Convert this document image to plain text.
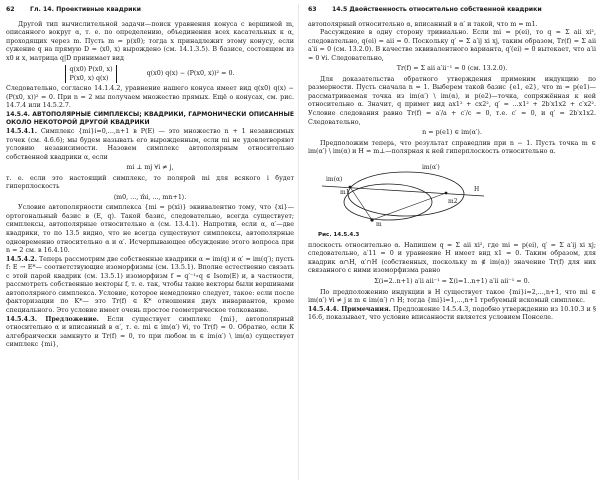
62	Гл. 14. Проективные квадрики

Другой тип вычислительной задачи—поиск уравнения конуса с вершиной m, описанного вокруг α, т. е. по определению, объединения всех касательных к α, проходящих через m. Пусть m = p(x0); тогда x принадлежит этому конусу, если сужение q на прямую D = ⟨x0, x⟩ вырождено (см. 14.1.3.5). В базисе, состоящем из x0 и x, матрица q|D принимает вид

q(x0) P(x0, x)
P(x0, x) q(x)
q(x0) q(x) − (P(x0, x))² = 0.

Следовательно, согласно 14.1.4.2, уравнение нашего конуса имеет вид q(x0) q(x) − (P(x0, x))² = 0. При n = 2 мы получаем множество прямых. Ещё о конусах, см. рис. 14.7.4 или 14.5.2.7.

14.5.4. АВТОПОЛЯРНЫЕ СИМПЛЕКСЫ; КВАДРИКИ, ГАРМОНИЧЕСКИ ОПИСАННЫЕ ОКОЛО НЕКОТОРОЙ ДРУГОЙ КВАДРИКИ

14.5.4.1. Симплекс {mi}i=0,...,n+1 в P(E) — это множество n + 1 независимых точек (см. 4.6.6); мы будем называть его вырожденным, если mi не удовлетворяют условию независимости. Назовем симплекс автополярным относительно собственной квадрики α, если

mi ⊥ mj ∀i ≠ j,

т. е. если это настоящий симплекс, то полярой mi для всякого i будет гиперплоскость

⟨m0, ..., m̂i, ..., mn+1⟩.

Условие автополярности симплекса {mi = p(xi)} эквивалентно тому, что {xi}—ортогональный базис в (E, q). Такой базис, следовательно, всегда существует; симплексы, автополярные относительно α (см. 13.4.1). Напротив, если α, α′—две квадрики, то по 13.5 видно, что не всегда существуют симплексы, автополярные одновременно относительно α и α′. Исчерпывающее обсуждение этого вопроса при n = 2 см. в 16.4.10.

14.5.4.2. Теперь рассмотрим две собственные квадрики α = im(q) и α′ = im(q′); пусть f: E → E*— соответствующие изоморфизмы (см. 13.5.1). Вполне естественно связать с этой парой квадрик (см. 13.5.1) изоморфизм f = q′⁻¹∘q ∈ Isom(E) и, в частности, рассмотреть собственные векторы f, т. е. так, чтобы такие векторы были вершинами автополярного симплекса. Условие, которое немедленно следует, такое: если после факторизации по K*— это Tr(f) ∈ K* отношения двух инвариантов, кроме специального. Это условие имеет очень простое геометрическое толкование.

14.5.4.3. Предложение. Если существует симплекс {mi}, автополярный относительно α и вписанный в α′, т. е. mi ∈ im(α′) ∀i, то Tr(f) = 0. Обратно, если K алгебраически замкнуто и Tr(f) = 0, то при любом m ∈ im(α′) \ im(α) существует симплекс {mi},

63	14.5 Двойственность относительно собственной квадрики

автополярный относительно α, вписанный в α′ и такой, что m = m1.

Рассуждение в одну сторону тривиально. Если mi = p(ei), то q = Σ aii xi², следовательно, q(ei) = aii = 0. Поскольку q′ = Σ a′ij xi xj, таким образом, Tr(f) = Σ aii a′ii = 0 (см. 13.2.0). В качестве эквивалентного варианта, q′(ei) = 0 вытекает, что a′ii = 0 ∀i. Следовательно,

Tr(f) = Σ aii a′ii⁻¹ = 0 (см. 13.2.0).

Для доказательства обратного утверждения применим индукцию по размерности. Пусть сначала n = 1. Выберем такой базис {e1, e2}, что m = p(e1)—рассматриваемая точка из im(α′) \ im(α), и p(e2)—точка, сопряжённая к ней относительно α. Значит, q примет вид ax1² + cx2², q′ = ...x1² + 2b′x1x2 + c′x2². Условие следования равно Tr(f) = a′/a + c′/c = 0, т.е. c′ = 0, и q′ = 2b′x1x2. Следовательно,

n = p(e1) ∈ im(α′).

Предположим теперь, что результат справедлив при n − 1. Пусть точка m ∈ im(α′) \ im(α) и H = m⊥—полярная к ней гиперплоскость относительно α.

im(α′)
im(α)
H
m
m1
m2
Рис. 14.5.4.3

плоскость относительно α. Напишем q = Σ aii xi², где mi = p(ei), q′ = Σ a′ij xi xj; следовательно, a′11 = 0 и уравнение H имеет вид x1 = 0. Таким образом, для квадрик α∩H, α′∩H (собственных, поскольку m ∉ im(α)) значение Tr(f) для них связанного с ними изоморфизма равно

Σ(i=2..n+1) a′ii aii⁻¹ = Σ(i=1..n+1) a′ii aii⁻¹ = 0.

По предположению индукции в H существует такое {mi}i=2,...,n+1, что mi ∈ im(α′) ∀i ≠ j и m ∈ im(α′) ∩ H; тогда {mi}i=1,...,n+1 требуемый искомый симплекс.

14.5.4.4. Примечания. Предложение 14.5.4.3, подобно утверждению из 10.10.3 и § 16.6, показывает, что условие вписанности является условием Понселе.
